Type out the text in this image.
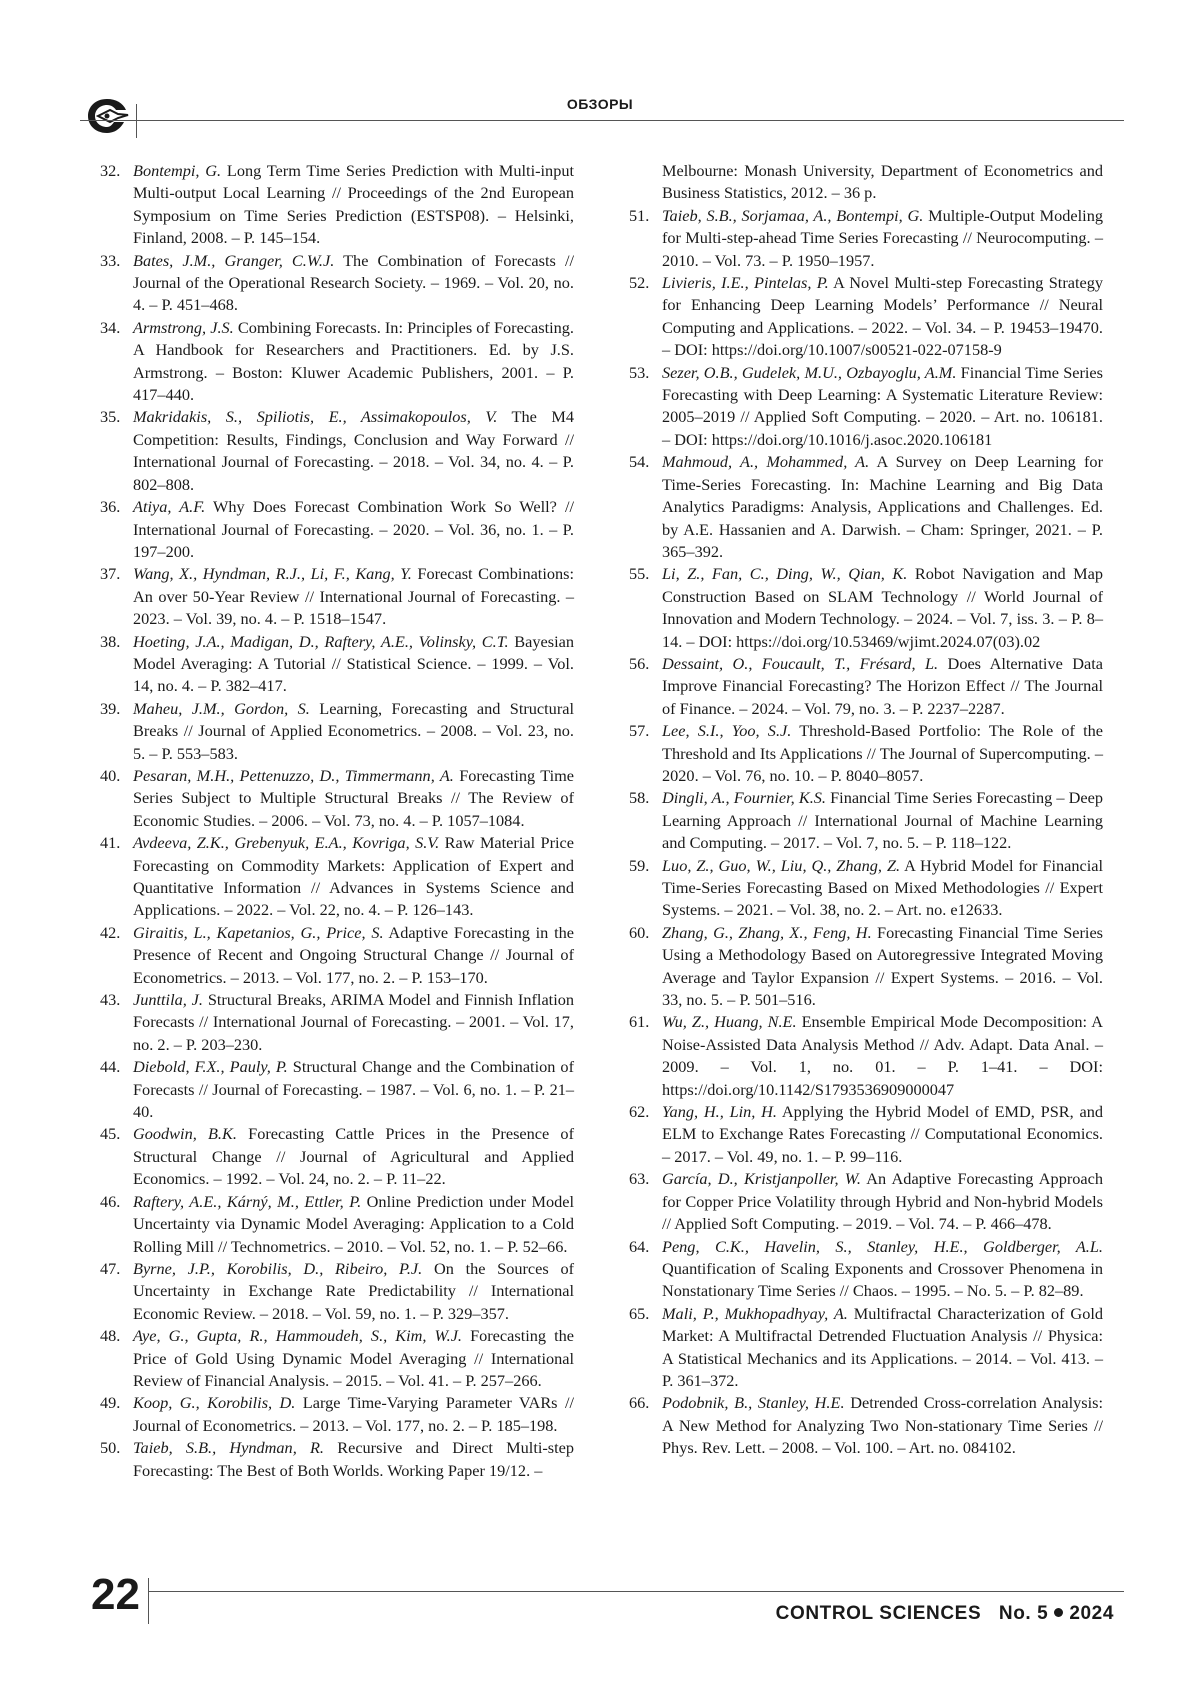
ОБЗОРЫ

32. Bontempi, G. Long Term Time Series Prediction with Multi-input Multi-output Local Learning // Proceedings of the 2nd European Symposium on Time Series Prediction (ESTSP08). – Helsinki, Finland, 2008. – P. 145–154.

33. Bates, J.M., Granger, C.W.J. The Combination of Forecasts // Journal of the Operational Research Society. – 1969. – Vol. 20, no. 4. – P. 451–468.

34. Armstrong, J.S. Combining Forecasts. In: Principles of Forecasting. A Handbook for Researchers and Practitioners. Ed. by J.S. Armstrong. – Boston: Kluwer Academic Publishers, 2001. – P. 417–440.

35. Makridakis, S., Spiliotis, E., Assimakopoulos, V. The M4 Competition: Results, Findings, Conclusion and Way Forward // International Journal of Forecasting. – 2018. – Vol. 34, no. 4. – P. 802–808.

36. Atiya, A.F. Why Does Forecast Combination Work So Well? // International Journal of Forecasting. – 2020. – Vol. 36, no. 1. – P. 197–200.

37. Wang, X., Hyndman, R.J., Li, F., Kang, Y. Forecast Combinations: An over 50-Year Review // International Journal of Forecasting. – 2023. – Vol. 39, no. 4. – P. 1518–1547.

38. Hoeting, J.A., Madigan, D., Raftery, A.E., Volinsky, C.T. Bayesian Model Averaging: A Tutorial // Statistical Science. – 1999. – Vol. 14, no. 4. – P. 382–417.

39. Maheu, J.M., Gordon, S. Learning, Forecasting and Structural Breaks // Journal of Applied Econometrics. – 2008. – Vol. 23, no. 5. – P. 553–583.

40. Pesaran, M.H., Pettenuzzo, D., Timmermann, A. Forecasting Time Series Subject to Multiple Structural Breaks // The Review of Economic Studies. – 2006. – Vol. 73, no. 4. – P. 1057–1084.

41. Avdeeva, Z.K., Grebenyuk, E.A., Kovriga, S.V. Raw Material Price Forecasting on Commodity Markets: Application of Expert and Quantitative Information // Advances in Systems Science and Applications. – 2022. – Vol. 22, no. 4. – P. 126–143.

42. Giraitis, L., Kapetanios, G., Price, S. Adaptive Forecasting in the Presence of Recent and Ongoing Structural Change // Journal of Econometrics. – 2013. – Vol. 177, no. 2. – P. 153–170.

43. Junttila, J. Structural Breaks, ARIMA Model and Finnish Inflation Forecasts // International Journal of Forecasting. – 2001. – Vol. 17, no. 2. – P. 203–230.

44. Diebold, F.X., Pauly, P. Structural Change and the Combination of Forecasts // Journal of Forecasting. – 1987. – Vol. 6, no. 1. – P. 21–40.

45. Goodwin, B.K. Forecasting Cattle Prices in the Presence of Structural Change // Journal of Agricultural and Applied Economics. – 1992. – Vol. 24, no. 2. – P. 11–22.

46. Raftery, A.E., Kárný, M., Ettler, P. Online Prediction under Model Uncertainty via Dynamic Model Averaging: Application to a Cold Rolling Mill // Technometrics. – 2010. – Vol. 52, no. 1. – P. 52–66.

47. Byrne, J.P., Korobilis, D., Ribeiro, P.J. On the Sources of Uncertainty in Exchange Rate Predictability // International Economic Review. – 2018. – Vol. 59, no. 1. – P. 329–357.

48. Aye, G., Gupta, R., Hammoudeh, S., Kim, W.J. Forecasting the Price of Gold Using Dynamic Model Averaging // International Review of Financial Analysis. – 2015. – Vol. 41. – P. 257–266.

49. Koop, G., Korobilis, D. Large Time-Varying Parameter VARs // Journal of Econometrics. – 2013. – Vol. 177, no. 2. – P. 185–198.

50. Taieb, S.B., Hyndman, R. Recursive and Direct Multi-step Forecasting: The Best of Both Worlds. Working Paper 19/12. –

Melbourne: Monash University, Department of Econometrics and Business Statistics, 2012. – 36 p.

51. Taieb, S.B., Sorjamaa, A., Bontempi, G. Multiple-Output Modeling for Multi-step-ahead Time Series Forecasting // Neurocomputing. – 2010. – Vol. 73. – P. 1950–1957.

52. Livieris, I.E., Pintelas, P. A Novel Multi-step Forecasting Strategy for Enhancing Deep Learning Models’ Performance // Neural Computing and Applications. – 2022. – Vol. 34. – P. 19453–19470. – DOI: https://doi.org/10.1007/s00521-022-07158-9

53. Sezer, O.B., Gudelek, M.U., Ozbayoglu, A.M. Financial Time Series Forecasting with Deep Learning: A Systematic Literature Review: 2005–2019 // Applied Soft Computing. – 2020. – Art. no. 106181. – DOI: https://doi.org/10.1016/j.asoc.2020.106181

54. Mahmoud, A., Mohammed, A. A Survey on Deep Learning for Time-Series Forecasting. In: Machine Learning and Big Data Analytics Paradigms: Analysis, Applications and Challenges. Ed. by A.E. Hassanien and A. Darwish. – Cham: Springer, 2021. – P. 365–392.

55. Li, Z., Fan, C., Ding, W., Qian, K. Robot Navigation and Map Construction Based on SLAM Technology // World Journal of Innovation and Modern Technology. – 2024. – Vol. 7, iss. 3. – P. 8–14. – DOI: https://doi.org/10.53469/wjimt.2024.07(03).02

56. Dessaint, O., Foucault, T., Frésard, L. Does Alternative Data Improve Financial Forecasting? The Horizon Effect // The Journal of Finance. – 2024. – Vol. 79, no. 3. – P. 2237–2287.

57. Lee, S.I., Yoo, S.J. Threshold-Based Portfolio: The Role of the Threshold and Its Applications // The Journal of Supercomputing. – 2020. – Vol. 76, no. 10. – P. 8040–8057.

58. Dingli, A., Fournier, K.S. Financial Time Series Forecasting – Deep Learning Approach // International Journal of Machine Learning and Computing. – 2017. – Vol. 7, no. 5. – P. 118–122.

59. Luo, Z., Guo, W., Liu, Q., Zhang, Z. A Hybrid Model for Financial Time-Series Forecasting Based on Mixed Methodologies // Expert Systems. – 2021. – Vol. 38, no. 2. – Art. no. e12633.

60. Zhang, G., Zhang, X., Feng, H. Forecasting Financial Time Series Using a Methodology Based on Autoregressive Integrated Moving Average and Taylor Expansion // Expert Systems. – 2016. – Vol. 33, no. 5. – P. 501–516.

61. Wu, Z., Huang, N.E. Ensemble Empirical Mode Decomposition: A Noise-Assisted Data Analysis Method // Adv. Adapt. Data Anal. – 2009. – Vol. 1, no. 01. – P. 1–41. – DOI: https://doi.org/10.1142/S1793536909000047

62. Yang, H., Lin, H. Applying the Hybrid Model of EMD, PSR, and ELM to Exchange Rates Forecasting // Computational Economics. – 2017. – Vol. 49, no. 1. – P. 99–116.

63. García, D., Kristjanpoller, W. An Adaptive Forecasting Approach for Copper Price Volatility through Hybrid and Non-hybrid Models // Applied Soft Computing. – 2019. – Vol. 74. – P. 466–478.

64. Peng, C.K., Havelin, S., Stanley, H.E., Goldberger, A.L. Quantification of Scaling Exponents and Crossover Phenomena in Nonstationary Time Series // Chaos. – 1995. – No. 5. – P. 82–89.

65. Mali, P., Mukhopadhyay, A. Multifractal Characterization of Gold Market: A Multifractal Detrended Fluctuation Analysis // Physica: A Statistical Mechanics and its Applications. – 2014. – Vol. 413. – P. 361–372.

66. Podobnik, B., Stanley, H.E. Detrended Cross-correlation Analysis: A New Method for Analyzing Two Non-stationary Time Series // Phys. Rev. Lett. – 2008. – Vol. 100. – Art. no. 084102.

22	CONTROL SCIENCES No. 5 2024
